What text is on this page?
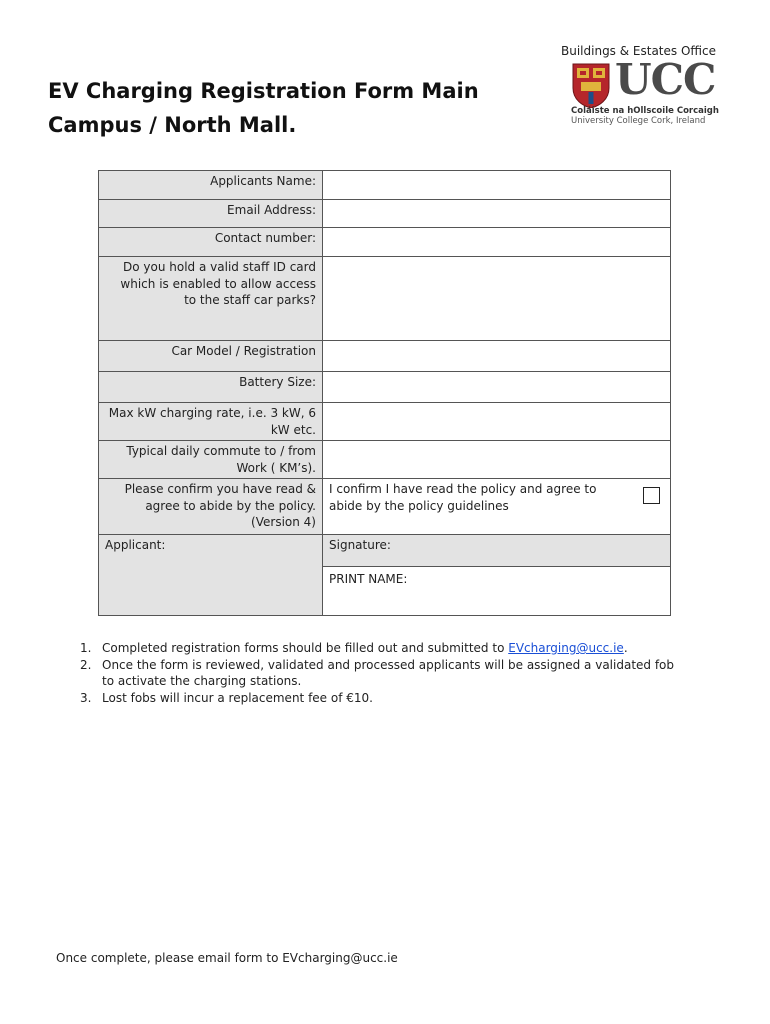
Buildings & Estates Office
UCC
Coláiste na hOllscoile Corcaigh
University College Cork, Ireland
EV Charging Registration Form Main Campus / North Mall.
Applicants Name:	
Email Address:	
Contact number:	
Do you hold a valid staff ID card which is enabled to allow access to the staff car parks?	
Car Model / Registration	
Battery Size:	
Max kW charging rate, i.e. 3 kW, 6 kW etc.	
Typical daily commute to / from Work ( KM’s).	
Please confirm you have read & agree to abide by the policy. (Version 4)	I confirm I have read the policy and agree to abide by the policy guidelines

Applicant:	Signature:
	PRINT NAME:
1. Completed registration forms should be filled out and submitted to EVcharging@ucc.ie.
2. Once the form is reviewed, validated and processed applicants will be assigned a validated fob to activate the charging stations.
3. Lost fobs will incur a replacement fee of €10.
Once complete, please email form to EVcharging@ucc.ie
